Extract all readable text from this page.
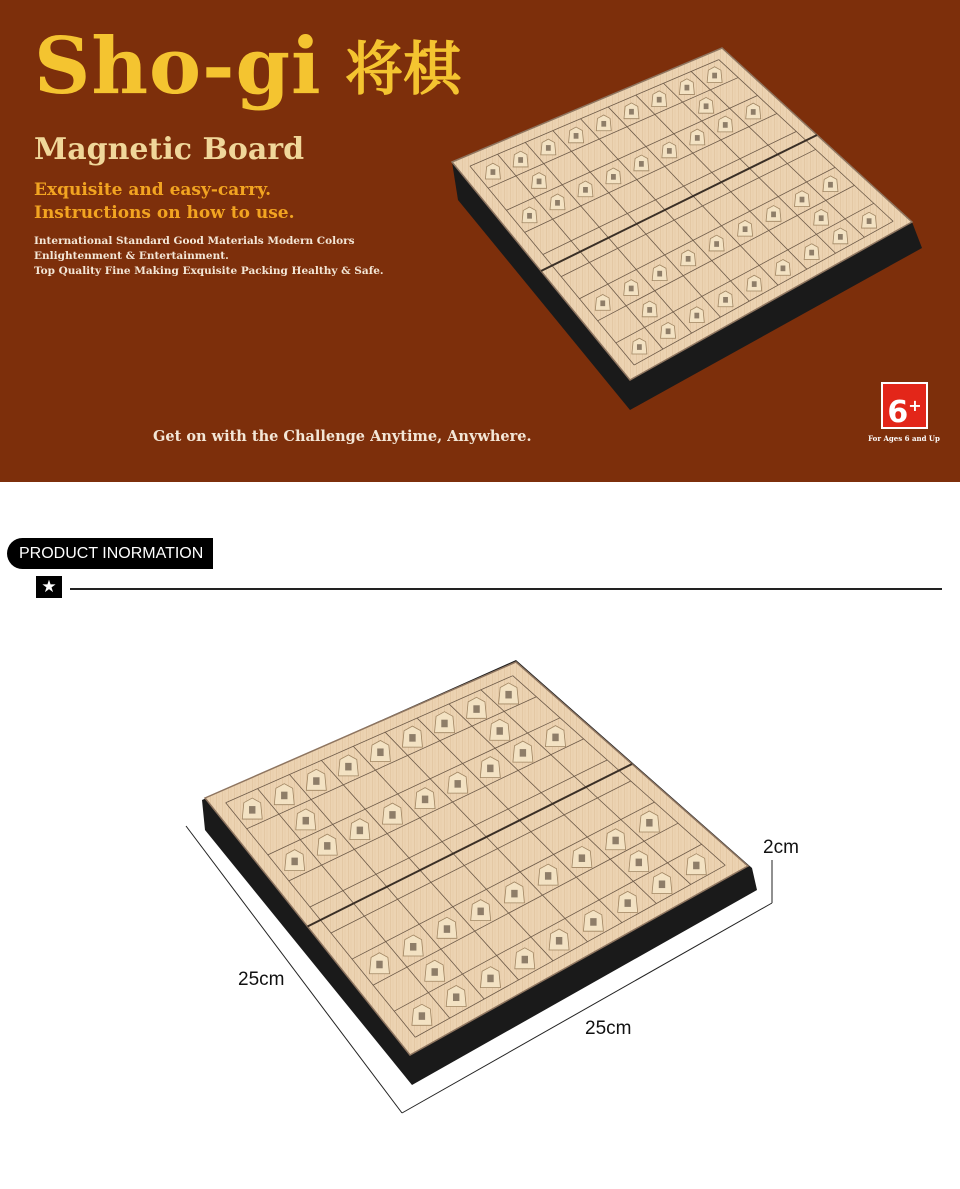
Sho-gi 将棋
Magnetic Board
Exquisite and easy-carry.
Instructions on how to use.
International Standard Good Materials Modern Colors
Enlightenment & Entertainment.
Top Quality Fine Making Exquisite Packing Healthy & Safe.
Get on with the Challenge Anytime, Anywhere.
6+
For Ages 6 and Up
PRODUCT INORMATION
★
2cm
25cm
25cm
